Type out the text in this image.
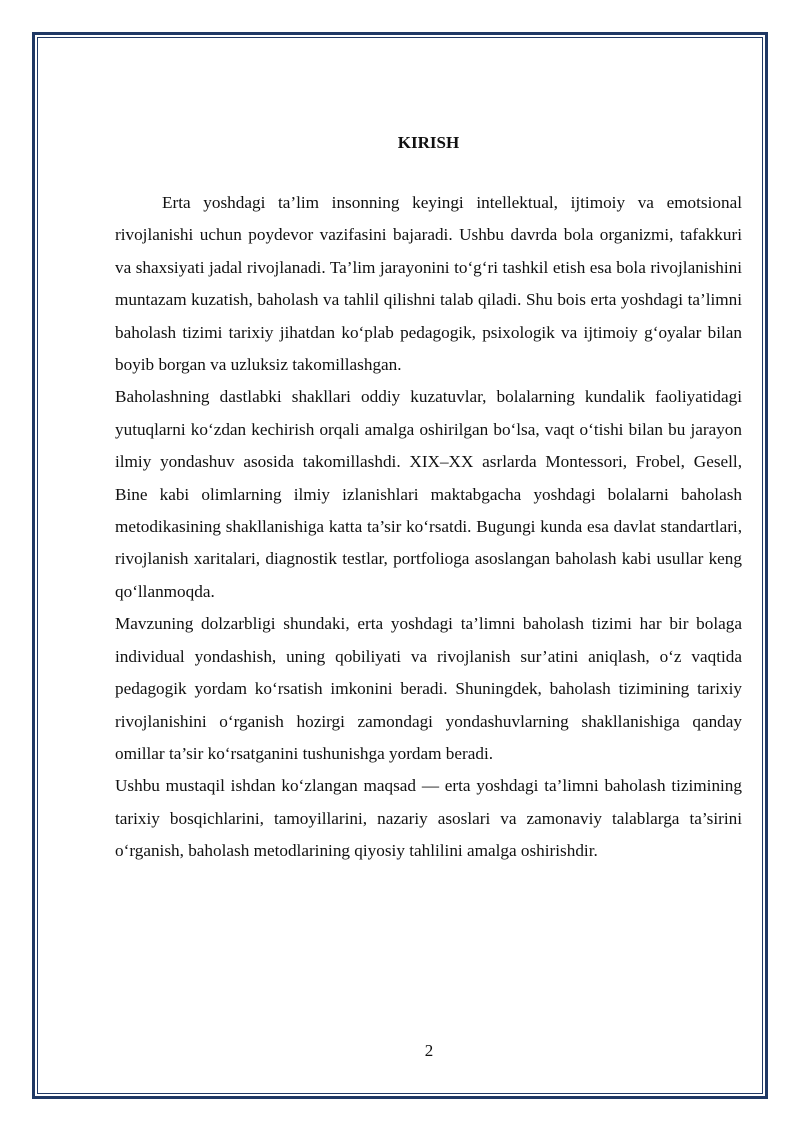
KIRISH

Erta yoshdagi ta’lim insonning keyingi intellektual, ijtimoiy va emotsional rivojlanishi uchun poydevor vazifasini bajaradi. Ushbu davrda bola organizmi, tafakkuri va shaxsiyati jadal rivojlanadi. Ta’lim jarayonini to‘g‘ri tashkil etish esa bola rivojlanishini muntazam kuzatish, baholash va tahlil qilishni talab qiladi. Shu bois erta yoshdagi ta’limni baholash tizimi tarixiy jihatdan ko‘plab pedagogik, psixologik va ijtimoiy g‘oyalar bilan boyib borgan va uzluksiz takomillashgan.

Baholashning dastlabki shakllari oddiy kuzatuvlar, bolalarning kundalik faoliyatidagi yutuqlarni ko‘zdan kechirish orqali amalga oshirilgan bo‘lsa, vaqt o‘tishi bilan bu jarayon ilmiy yondashuv asosida takomillashdi. XIX–XX asrlarda Montessori, Frobel, Gesell, Bine kabi olimlarning ilmiy izlanishlari maktabgacha yoshdagi bolalarni baholash metodikasining shakllanishiga katta ta’sir ko‘rsatdi. Bugungi kunda esa davlat standartlari, rivojlanish xaritalari, diagnostik testlar, portfolioga asoslangan baholash kabi usullar keng qo‘llanmoqda.

Mavzuning dolzarbligi shundaki, erta yoshdagi ta’limni baholash tizimi har bir bolaga individual yondashish, uning qobiliyati va rivojlanish sur’atini aniqlash, o‘z vaqtida pedagogik yordam ko‘rsatish imkonini beradi. Shuningdek, baholash tizimining tarixiy rivojlanishini o‘rganish hozirgi zamondagi yondashuvlarning shakllanishiga qanday omillar ta’sir ko‘rsatganini tushunishga yordam beradi.

Ushbu mustaqil ishdan ko‘zlangan maqsad — erta yoshdagi ta’limni baholash tizimining tarixiy bosqichlarini, tamoyillarini, nazariy asoslari va zamonaviy talablarga ta’sirini o‘rganish, baholash metodlarining qiyosiy tahlilini amalga oshirishdir.

2
